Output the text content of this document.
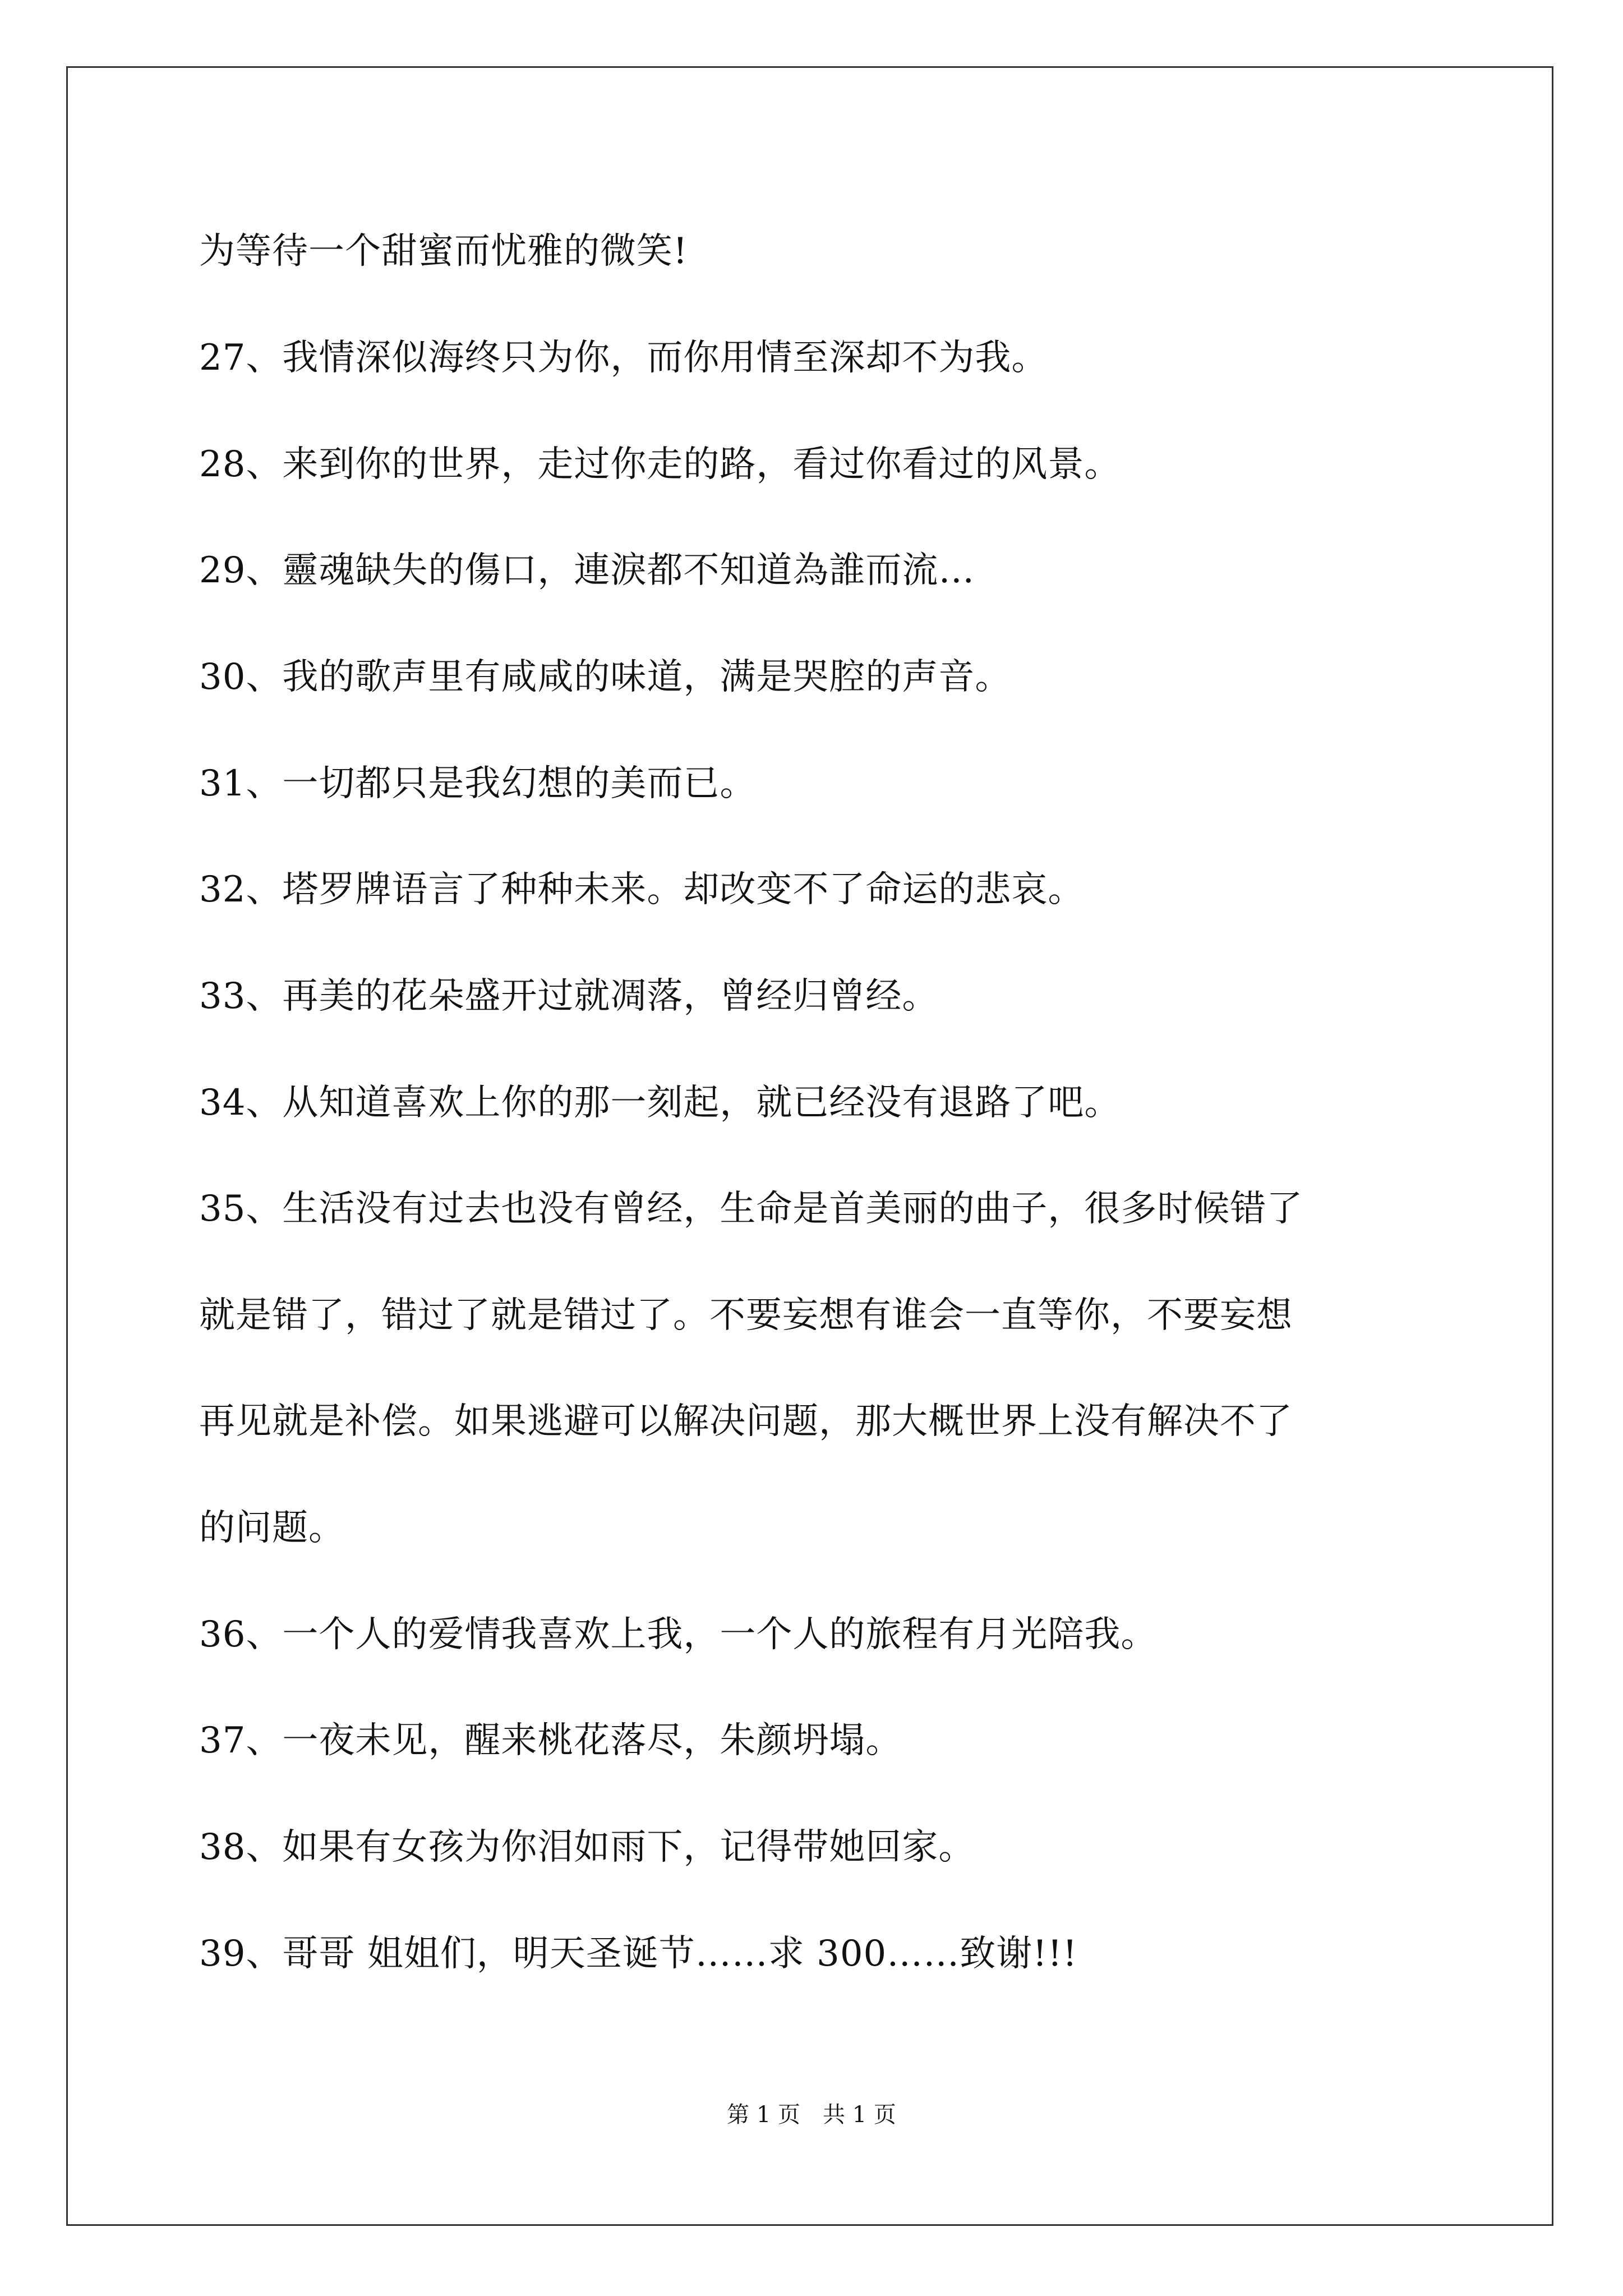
为等待一个甜蜜而忧雅的微笑!
27、我情深似海终只为你，而你用情至深却不为我。
28、来到你的世界，走过你走的路，看过你看过的风景。
29、靈魂缺失的傷口，連淚都不知道為誰而流…
30、我的歌声里有咸咸的味道，满是哭腔的声音。
31、一切都只是我幻想的美而已。
32、塔罗牌语言了种种未来。却改变不了命运的悲哀。
33、再美的花朵盛开过就凋落，曾经归曾经。
34、从知道喜欢上你的那一刻起，就已经没有退路了吧。
35、生活没有过去也没有曾经，生命是首美丽的曲子，很多时候错了
就是错了，错过了就是错过了。不要妄想有谁会一直等你，不要妄想
再见就是补偿。如果逃避可以解决问题，那大概世界上没有解决不了
的问题。
36、一个人的爱情我喜欢上我，一个人的旅程有月光陪我。
37、一夜未见，醒来桃花落尽，朱颜坍塌。
38、如果有女孩为你泪如雨下，记得带她回家。
39、哥哥 姐姐们，明天圣诞节……求 300……致谢!!!
第 1 页　共 1 页
